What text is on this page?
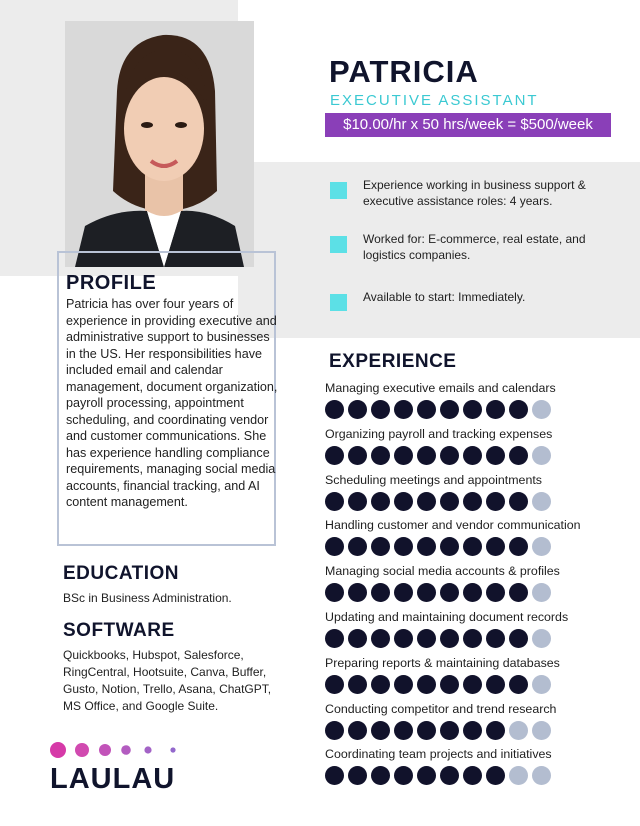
PROFILE
Patricia has over four years of experience in providing executive and administrative support to businesses in the US. Her responsibilities have included email and calendar management, document organization, payroll processing, appointment scheduling, and coordinating vendor and customer communications. She has experience handling compliance requirements, managing social media accounts, financial tracking, and AI content management.
EDUCATION
BSc in Business Administration.
SOFTWARE
Quickbooks, Hubspot, Salesforce, RingCentral, Hootsuite, Canva, Buffer, Gusto, Notion, Trello, Asana, ChatGPT, MS Office, and Google Suite.
PATRICIA
EXECUTIVE ASSISTANT
$10.00/hr x 50 hrs/week = $500/week
Experience working in business support & executive assistance roles: 4 years.
Worked for: E-commerce, real estate, and logistics companies.
Available to start: Immediately.
EXPERIENCE
Managing executive emails and calendars
Organizing payroll and tracking expenses
Scheduling meetings and appointments
Handling customer and vendor communication
Managing social media accounts & profiles
Updating and maintaining document records
Preparing reports & maintaining databases
Conducting competitor and trend research
Coordinating team projects and initiatives
LAULAU
